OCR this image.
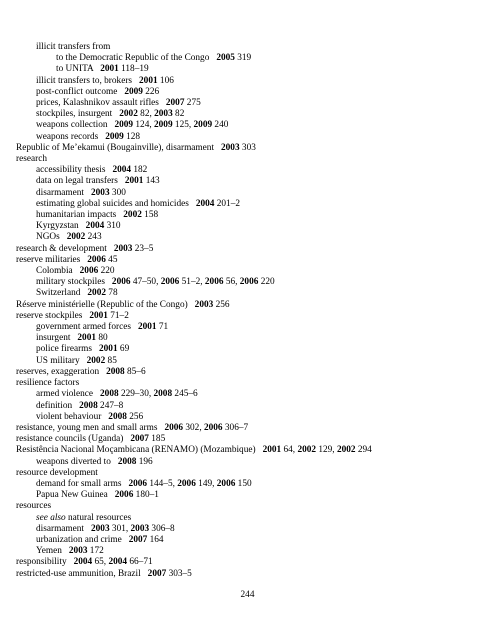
illicit transfers from
to the Democratic Republic of the Congo   2005 319
to UNITA   2001 118–19
illicit transfers to, brokers   2001 106
post-conflict outcome   2009 226
prices, Kalashnikov assault rifles   2007 275
stockpiles, insurgent   2002 82, 2003 82
weapons collection   2009 124, 2009 125, 2009 240
weapons records   2009 128
Republic of Me’ekamui (Bougainville), disarmament   2003 303
research
accessibility thesis   2004 182
data on legal transfers   2001 143
disarmament   2003 300
estimating global suicides and homicides   2004 201–2
humanitarian impacts   2002 158
Kyrgyzstan   2004 310
NGOs   2002 243
research & development   2003 23–5
reserve militaries   2006 45
Colombia   2006 220
military stockpiles   2006 47–50, 2006 51–2, 2006 56, 2006 220
Switzerland   2002 78
Réserve ministérielle (Republic of the Congo)   2003 256
reserve stockpiles   2001 71–2
government armed forces   2001 71
insurgent   2001 80
police firearms   2001 69
US military   2002 85
reserves, exaggeration   2008 85–6
resilience factors
armed violence   2008 229–30, 2008 245–6
definition   2008 247–8
violent behaviour   2008 256
resistance, young men and small arms   2006 302, 2006 306–7
resistance councils (Uganda)   2007 185
Resistência Nacional Moçambicana (RENAMO) (Mozambique)   2001 64, 2002 129, 2002 294
weapons diverted to   2008 196
resource development
demand for small arms   2006 144–5, 2006 149, 2006 150
Papua New Guinea   2006 180–1
resources
see also natural resources
disarmament   2003 301, 2003 306–8
urbanization and crime   2007 164
Yemen   2003 172
responsibility   2004 65, 2004 66–71
restricted-use ammunition, Brazil   2007 303–5
244
